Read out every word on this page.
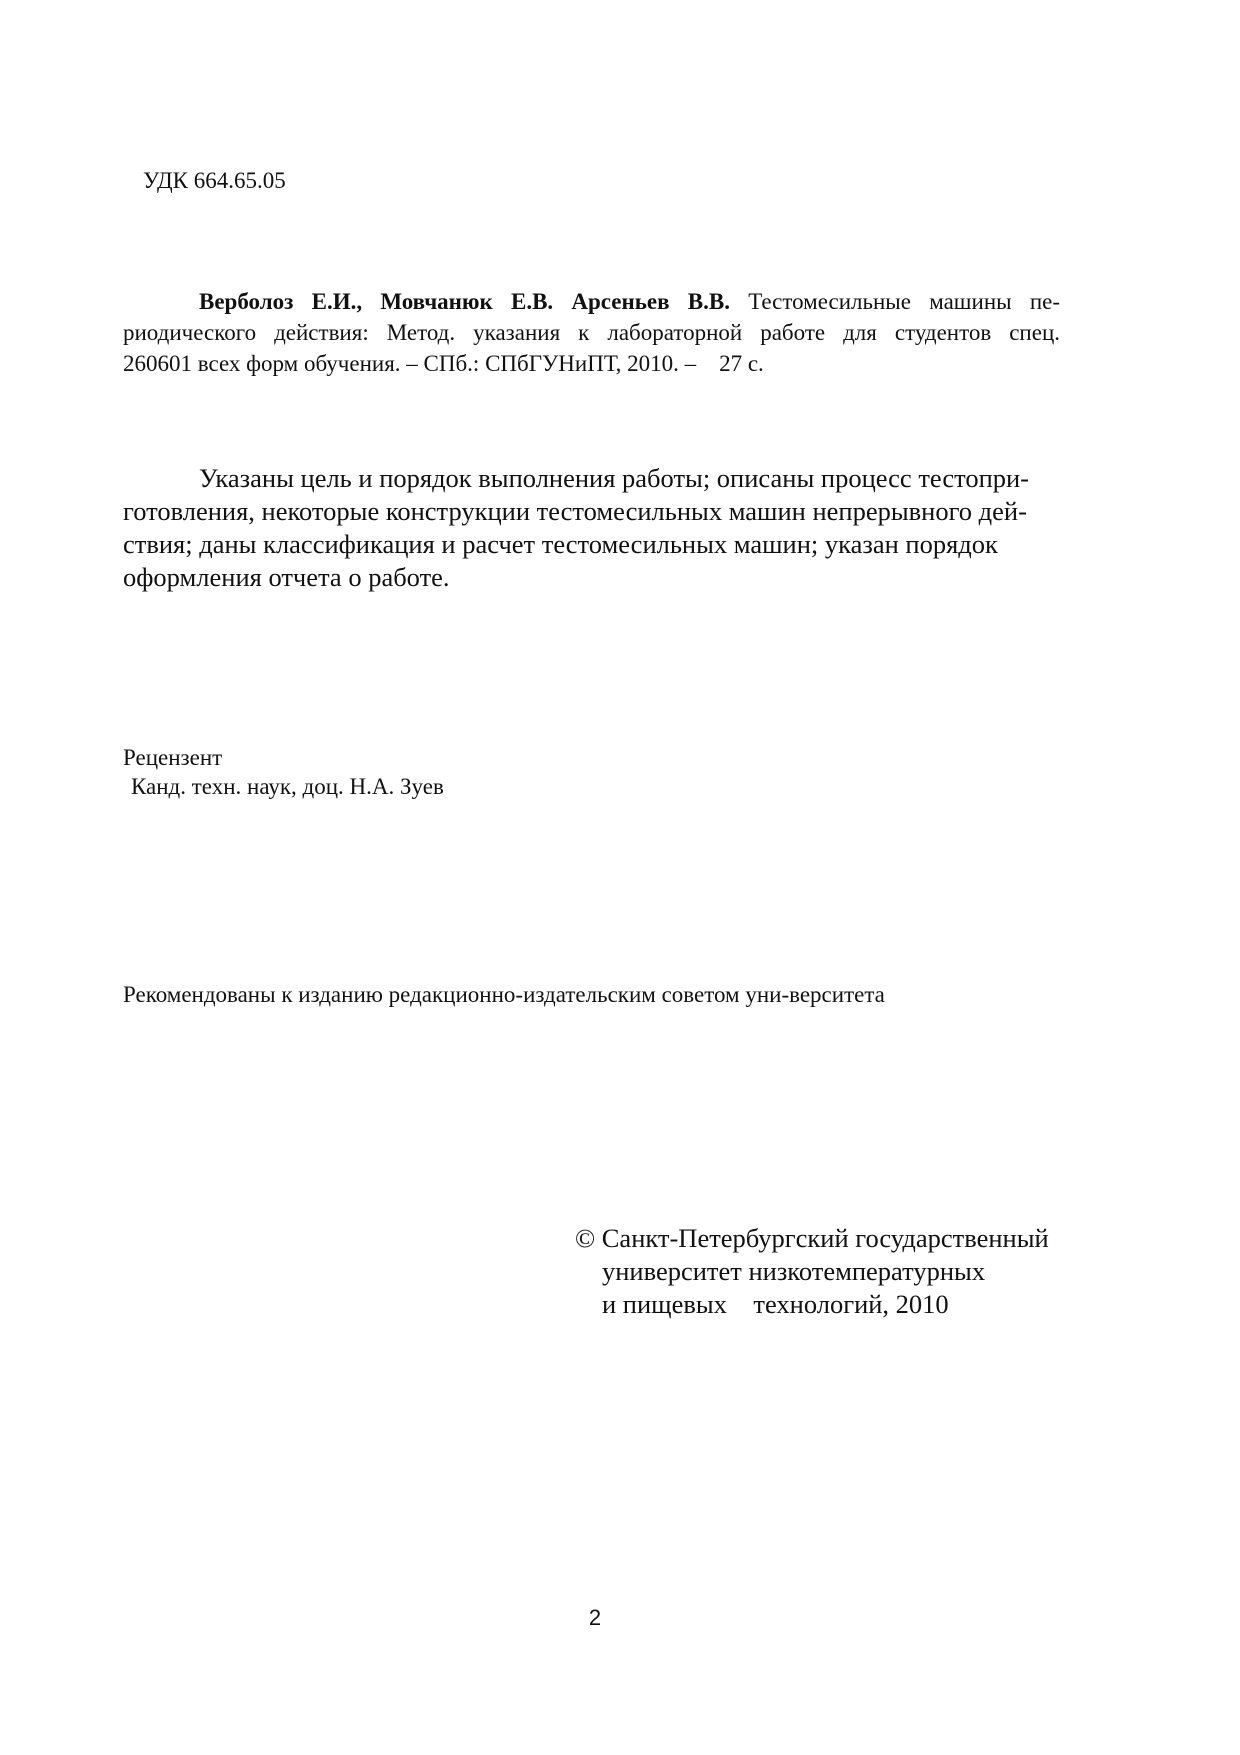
УДК 664.65.05
Верболоз Е.И., Мовчанюк Е.В. Арсеньев В.В. Тестомесильные машины пе-
риодического действия: Метод. указания к лабораторной работе для студентов спец.
260601 всех форм обучения. – СПб.: СПбГУНиПТ, 2010. –    27 с.
Указаны цель и порядок выполнения работы; описаны процесс тестопри-
готовления, некоторые конструкции тестомесильных машин непрерывного дей-
ствия; даны классификация и расчет тестомесильных машин; указан порядок
оформления отчета о работе.
Рецензент
Канд. техн. наук, доц. Н.А. Зуев
Рекомендованы к изданию редакционно-издательским советом уни-верситета
© Санкт-Петербургский государственный
университет низкотемпературных
и пищевых    технологий, 2010
2
